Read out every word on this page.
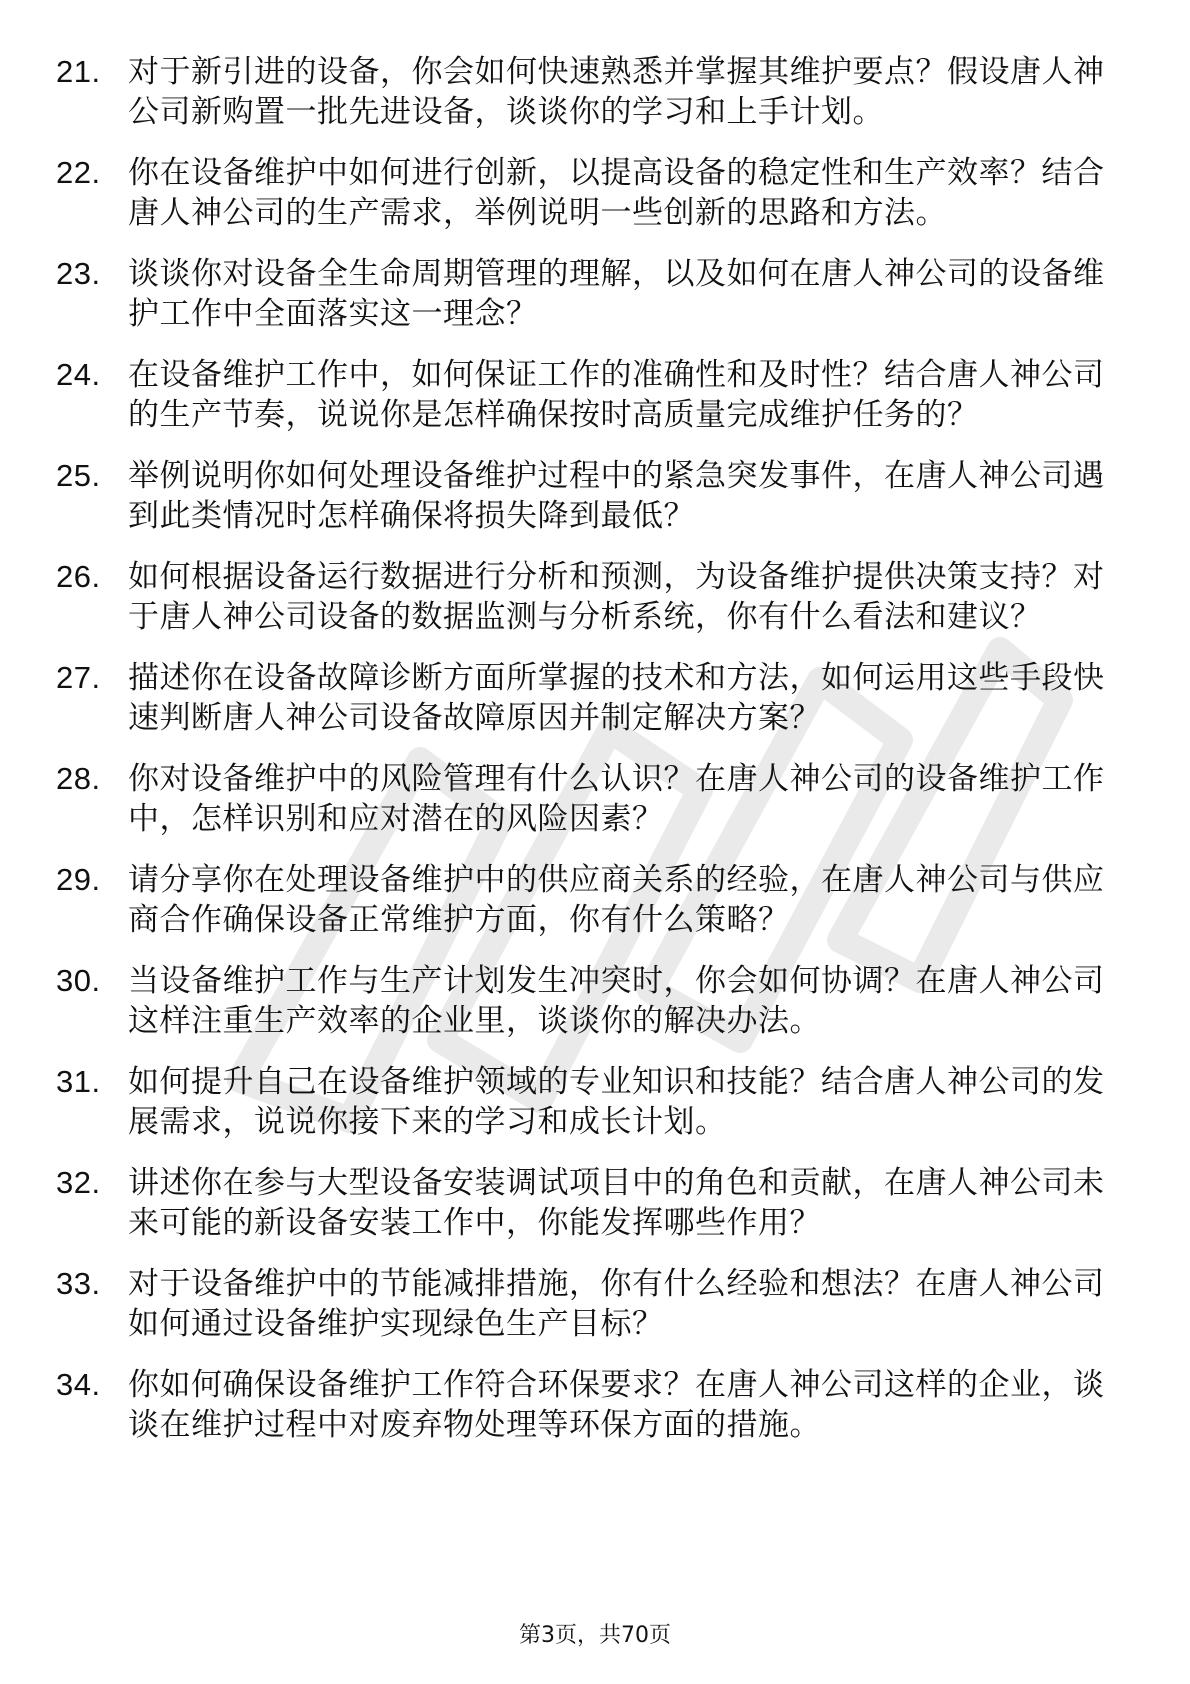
21. 对于新引进的设备，你会如何快速熟悉并掌握其维护要点？假设唐人神公司新购置一批先进设备，谈谈你的学习和上手计划。
22. 你在设备维护中如何进行创新，以提高设备的稳定性和生产效率？结合唐人神公司的生产需求，举例说明一些创新的思路和方法。
23. 谈谈你对设备全生命周期管理的理解，以及如何在唐人神公司的设备维护工作中全面落实这一理念？
24. 在设备维护工作中，如何保证工作的准确性和及时性？结合唐人神公司的生产节奏，说说你是怎样确保按时高质量完成维护任务的？
25. 举例说明你如何处理设备维护过程中的紧急突发事件，在唐人神公司遇到此类情况时怎样确保将损失降到最低？
26. 如何根据设备运行数据进行分析和预测，为设备维护提供决策支持？对于唐人神公司设备的数据监测与分析系统，你有什么看法和建议？
27. 描述你在设备故障诊断方面所掌握的技术和方法，如何运用这些手段快速判断唐人神公司设备故障原因并制定解决方案？
28. 你对设备维护中的风险管理有什么认识？在唐人神公司的设备维护工作中，怎样识别和应对潜在的风险因素？
29. 请分享你在处理设备维护中的供应商关系的经验，在唐人神公司与供应商合作确保设备正常维护方面，你有什么策略？
30. 当设备维护工作与生产计划发生冲突时，你会如何协调？在唐人神公司这样注重生产效率的企业里，谈谈你的解决办法。
31. 如何提升自己在设备维护领域的专业知识和技能？结合唐人神公司的发展需求，说说你接下来的学习和成长计划。
32. 讲述你在参与大型设备安装调试项目中的角色和贡献，在唐人神公司未来可能的新设备安装工作中，你能发挥哪些作用？
33. 对于设备维护中的节能减排措施，你有什么经验和想法？在唐人神公司如何通过设备维护实现绿色生产目标？
34. 你如何确保设备维护工作符合环保要求？在唐人神公司这样的企业，谈谈在维护过程中对废弃物处理等环保方面的措施。
第3页，共70页
